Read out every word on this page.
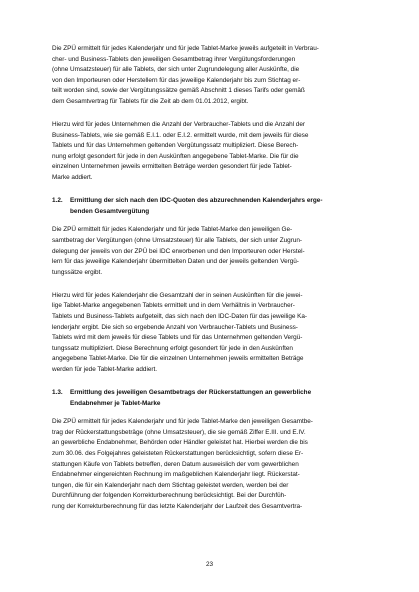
Die ZPÜ ermittelt für jedes Kalenderjahr und für jede Tablet-Marke jeweils aufgeteilt in Verbrau-
cher- und Business-Tablets den jeweiligen Gesamtbetrag ihrer Vergütungsforderungen
(ohne Umsatzsteuer) für alle Tablets, der sich unter Zugrundelegung aller Auskünfte, die
von den Importeuren oder Herstellern für das jeweilige Kalenderjahr bis zum Stichtag er-
teilt worden sind, sowie der Vergütungssätze gemäß Abschnitt 1 dieses Tarifs oder gemäß
dem Gesamtvertrag für Tablets für die Zeit ab dem 01.01.2012, ergibt.
Hierzu wird für jedes Unternehmen die Anzahl der Verbraucher-Tablets und die Anzahl der
Business-Tablets, wie sie gemäß E.I.1. oder E.I.2. ermittelt wurde, mit dem jeweils für diese
Tablets und für das Unternehmen geltenden Vergütungssatz multipliziert. Diese Berech-
nung erfolgt gesondert für jede in den Auskünften angegebene Tablet-Marke. Die für die
einzelnen Unternehmen jeweils ermittelten Beträge werden gesondert für jede Tablet-
Marke addiert.
1.2.	Ermittlung der sich nach den IDC-Quoten des abzurechnenden Kalenderjahrs erge-
benden Gesamtvergütung
Die ZPÜ ermittelt für jedes Kalenderjahr und für jede Tablet-Marke den jeweiligen Ge-
samtbetrag der Vergütungen (ohne Umsatzsteuer) für alle Tablets, der sich unter Zugrun-
delegung der jeweils von der ZPÜ bei IDC erworbenen und den Importeuren oder Herstel-
lern für das jeweilige Kalenderjahr übermittelten Daten und der jeweils geltenden Vergü-
tungssätze ergibt.
Hierzu wird für jedes Kalenderjahr die Gesamtzahl der in seinen Auskünften für die jewei-
lige Tablet-Marke angegebenen Tablets ermittelt und in dem Verhältnis in Verbraucher-
Tablets und Business-Tablets aufgeteilt, das sich nach den IDC-Daten für das jeweilige Ka-
lenderjahr ergibt. Die sich so ergebende Anzahl von Verbraucher-Tablets und Business-
Tablets wird mit dem jeweils für diese Tablets und für das Unternehmen geltenden Vergü-
tungssatz multipliziert. Diese Berechnung erfolgt gesondert für jede in den Auskünften
angegebene Tablet-Marke. Die für die einzelnen Unternehmen jeweils ermittelten Beträge
werden für jede Tablet-Marke addiert.
1.3.	Ermittlung des jeweiligen Gesamtbetrags der Rückerstattungen an gewerbliche
Endabnehmer je Tablet-Marke
Die ZPÜ ermittelt für jedes Kalenderjahr und für jede Tablet-Marke den jeweiligen Gesamtbe-
trag der Rückerstattungsbeträge (ohne Umsatzsteuer), die sie gemäß Ziffer E.III. und E.IV.
an gewerbliche Endabnehmer, Behörden oder Händler geleistet hat. Hierbei werden die bis
zum 30.06. des Folgejahres geleisteten Rückerstattungen berücksichtigt, sofern diese Er-
stattungen Käufe von Tablets betreffen, deren Datum ausweislich der vom gewerblichen
Endabnehmer eingereichten Rechnung im maßgeblichen Kalenderjahr liegt. Rückerstat-
tungen, die für ein Kalenderjahr nach dem Stichtag geleistet werden, werden bei der
Durchführung der folgenden Korrekturberechnung berücksichtigt. Bei der Durchfüh-
rung der Korrekturberechnung für das letzte Kalenderjahr der Laufzeit des Gesamtvertra-
23
